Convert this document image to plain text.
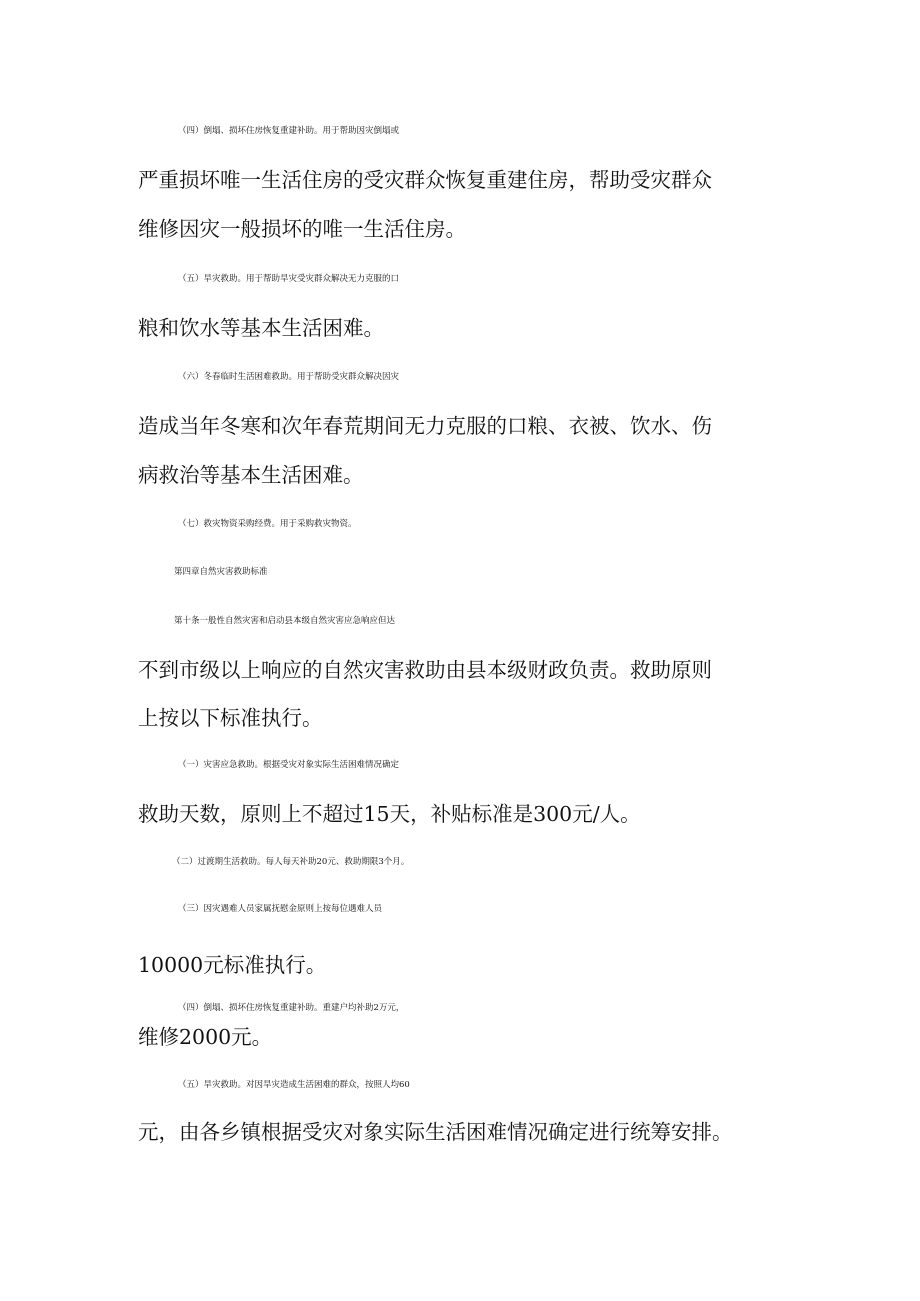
（四）倒塌、损坏住房恢复重建补助。用于帮助因灾倒塌或
严重损坏唯一生活住房的受灾群众恢复重建住房，帮助受灾群众
维修因灾一般损坏的唯一生活住房。
（五）旱灾救助。用于帮助旱灾受灾群众解决无力克服的口
粮和饮水等基本生活困难。
（六）冬春临时生活困难救助。用于帮助受灾群众解决因灾
造成当年冬寒和次年春荒期间无力克服的口粮、衣被、饮水、伤
病救治等基本生活困难。
（七）救灾物资采购经费。用于采购救灾物资。
第四章自然灾害救助标准
第十条一般性自然灾害和启动县本级自然灾害应急响应但达
不到市级以上响应的自然灾害救助由县本级财政负责。救助原则
上按以下标准执行。
（一）灾害应急救助。根据受灾对象实际生活困难情况确定
救助天数，原则上不超过15天，补贴标准是300元/人。
（二）过渡期生活救助。每人每天补助20元、救助期限3个月。
（三）因灾遇难人员家属抚慰金原则上按每位遇难人员
10000元标准执行。
（四）倒塌、损坏住房恢复重建补助。重建户均补助2万元，
维修2000元。
（五）旱灾救助。对因旱灾造成生活困难的群众，按照人均60
元，由各乡镇根据受灾对象实际生活困难情况确定进行统筹安排。
